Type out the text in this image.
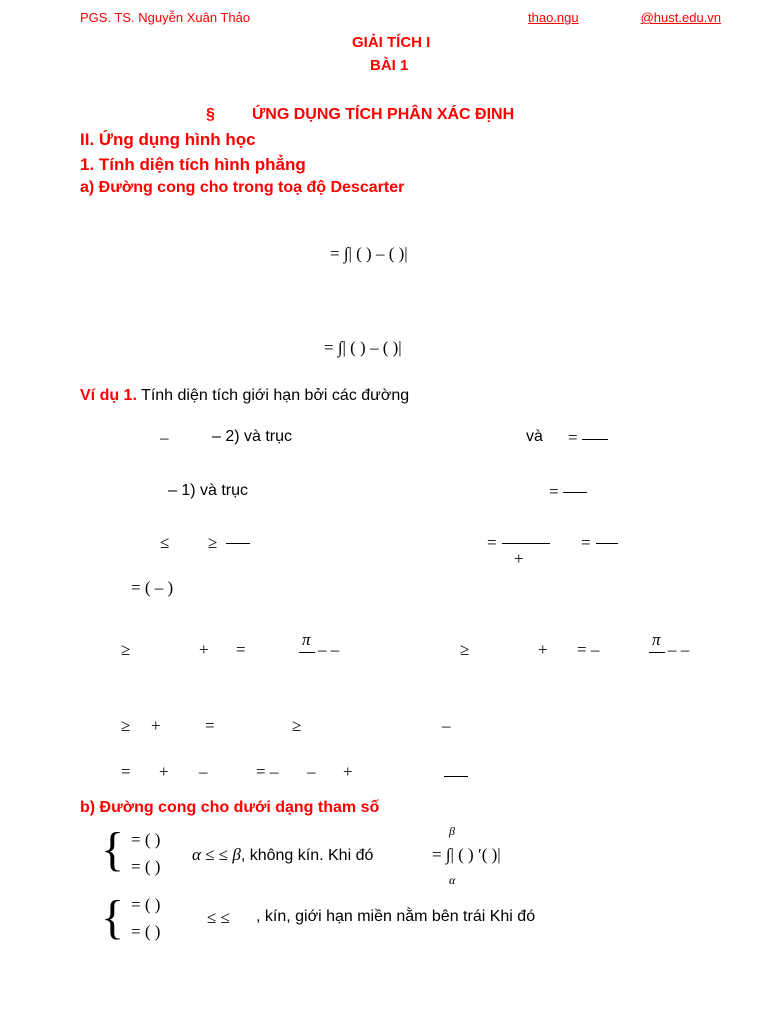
PGS. TS. Nguyễn Xuân Thảo	thao.ngu	@hust.edu.vn
GIẢI TÍCH I
BÀI 1
§ ỨNG DỤNG TÍCH PHÂN XÁC ĐỊNH
II. Ứng dụng hình học
1. Tính diện tích hình phẳng
a) Đường cong cho trong toạ độ Descarter
= ∫| ( ) – ( )|
= ∫| ( ) – ( )|
Ví dụ 1. Tính diện tích giới hạn bởi các đường
–	– 2) và trục	và =
– 1) và trục	=
≤ ≥	=
+
=
= ( – )
≥	+ =
π
– –	≥	+ = –
π
– –
≥ +	=	≥	–
= + –	= – – +
b) Đường cong cho dưới dạng tham số
{ = ( )
= ( )
α ≤ ≤ β, không kín. Khi đó
β
= ∫| ( ) ′( )|
α
{ = ( )
= ( )
≤ ≤ , kín, giới hạn miền nằm bên trái Khi đó
